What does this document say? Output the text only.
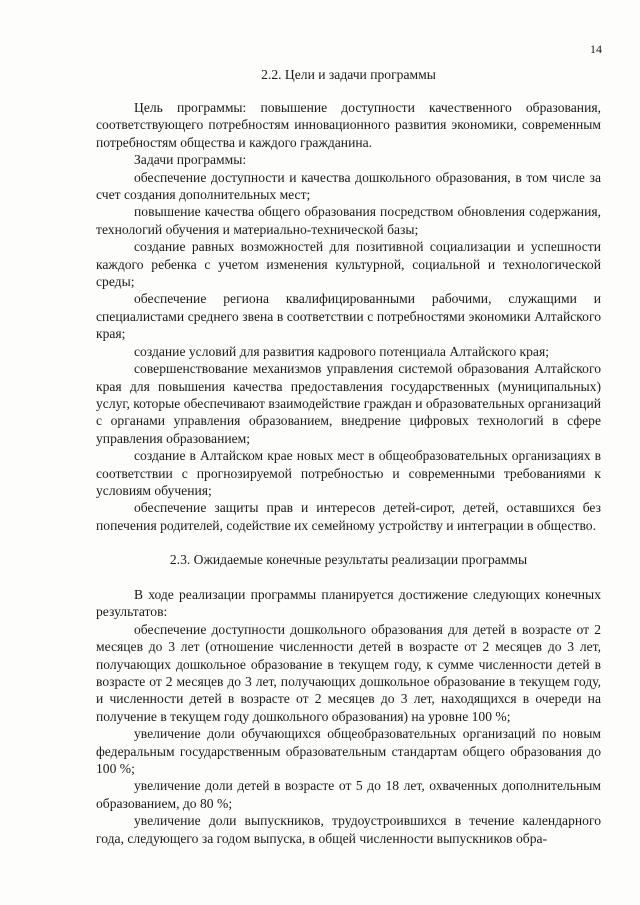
14
2.2. Цели и задачи программы

Цель программы: повышение доступности качественного образования, соответствующего потребностям инновационного развития экономики, современным потребностям общества и каждого гражданина.

Задачи программы:

обеспечение доступности и качества дошкольного образования, в том числе за счет создания дополнительных мест;

повышение качества общего образования посредством обновления содержания, технологий обучения и материально-технической базы;

создание равных возможностей для позитивной социализации и успешности каждого ребенка с учетом изменения культурной, социальной и технологической среды;

обеспечение региона квалифицированными рабочими, служащими и специалистами среднего звена в соответствии с потребностями экономики Алтайского края;

создание условий для развития кадрового потенциала Алтайского края;

совершенствование механизмов управления системой образования Алтайского края для повышения качества предоставления государственных (муниципальных) услуг, которые обеспечивают взаимодействие граждан и образовательных организаций с органами управления образованием, внедрение цифровых технологий в сфере управления образованием;

создание в Алтайском крае новых мест в общеобразовательных организациях в соответствии с прогнозируемой потребностью и современными требованиями к условиям обучения;

обеспечение защиты прав и интересов детей-сирот, детей, оставшихся без попечения родителей, содействие их семейному устройству и интеграции в общество.

2.3. Ожидаемые конечные результаты реализации программы

В ходе реализации программы планируется достижение следующих конечных результатов:

обеспечение доступности дошкольного образования для детей в возрасте от 2 месяцев до 3 лет (отношение численности детей в возрасте от 2 месяцев до 3 лет, получающих дошкольное образование в текущем году, к сумме численности детей в возрасте от 2 месяцев до 3 лет, получающих дошкольное образование в текущем году, и численности детей в возрасте от 2 месяцев до 3 лет, находящихся в очереди на получение в текущем году дошкольного образования) на уровне 100 %;

увеличение доли обучающихся общеобразовательных организаций по новым федеральным государственным образовательным стандартам общего образования до 100 %;

увеличение доли детей в возрасте от 5 до 18 лет, охваченных дополнительным образованием, до 80 %;

увеличение доли выпускников, трудоустроившихся в течение календарного года, следующего за годом выпуска, в общей численности выпускников обра-
